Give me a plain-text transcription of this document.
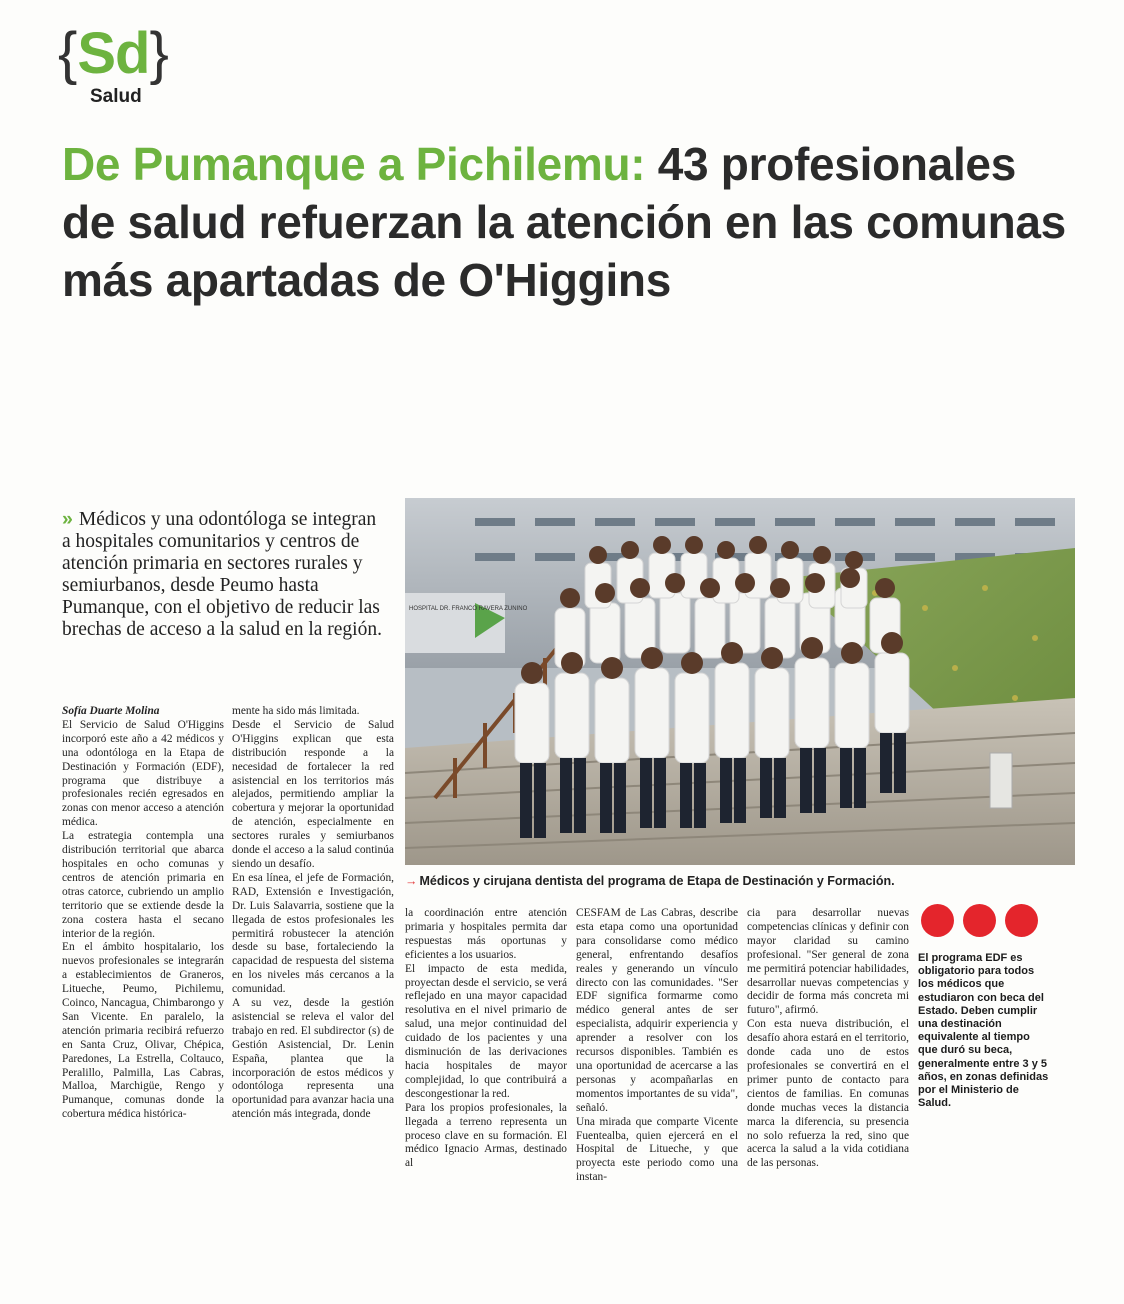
{Sd}
Salud
De Pumanque a Pichilemu: 43 profesionales de salud refuerzan la atención en las comunas más apartadas de O'Higgins

» Médicos y una odontóloga se integran a hospitales comunitarios y centros de atención primaria en sectores rurales y semiurbanos, desde Peumo hasta Pumanque, con el objetivo de reducir las brechas de acceso a la salud en la región.

HOSPITAL DR. FRANCO RAVERA ZUNINO

→ Médicos y cirujana dentista del programa de Etapa de Destinación y Formación.

Sofía Duarte Molina

El Servicio de Salud O'Higgins incorporó este año a 42 médicos y una odontóloga en la Etapa de Destinación y Formación (EDF), programa que distribuye a profesionales recién egresados en zonas con menor acceso a atención médica.

La estrategia contempla una distribución territorial que abarca hospitales en ocho comunas y centros de atención primaria en otras catorce, cubriendo un amplio territorio que se extiende desde la zona costera hasta el secano interior de la región.

En el ámbito hospitalario, los nuevos profesionales se integrarán a establecimientos de Graneros, Litueche, Peumo, Pichilemu, Coinco, Nancagua, Chimbarongo y San Vicente. En paralelo, la atención primaria recibirá refuerzo en Santa Cruz, Olivar, Chépica, Paredones, La Estrella, Coltauco, Peralillo, Palmilla, Las Cabras, Malloa, Marchigüe, Rengo y Pumanque, comunas donde la cobertura médica histórica-

mente ha sido más limitada.

Desde el Servicio de Salud O'Higgins explican que esta distribución responde a la necesidad de fortalecer la red asistencial en los territorios más alejados, permitiendo ampliar la cobertura y mejorar la oportunidad de atención, especialmente en sectores rurales y semiurbanos donde el acceso a la salud continúa siendo un desafío.

En esa línea, el jefe de Formación, RAD, Extensión e Investigación, Dr. Luis Salavarria, sostiene que la llegada de estos profesionales les permitirá robustecer la atención desde su base, fortaleciendo la capacidad de respuesta del sistema en los niveles más cercanos a la comunidad.

A su vez, desde la gestión asistencial se releva el valor del trabajo en red. El subdirector (s) de Gestión Asistencial, Dr. Lenin España, plantea que la incorporación de estos médicos y odontóloga representa una oportunidad para avanzar hacia una atención más integrada, donde

la coordinación entre atención primaria y hospitales permita dar respuestas más oportunas y eficientes a los usuarios.

El impacto de esta medida, proyectan desde el servicio, se verá reflejado en una mayor capacidad resolutiva en el nivel primario de salud, una mejor continuidad del cuidado de los pacientes y una disminución de las derivaciones hacia hospitales de mayor complejidad, lo que contribuirá a descongestionar la red.

Para los propios profesionales, la llegada a terreno representa un proceso clave en su formación. El médico Ignacio Armas, destinado al

CESFAM de Las Cabras, describe esta etapa como una oportunidad para consolidarse como médico general, enfrentando desafíos reales y generando un vínculo directo con las comunidades. "Ser EDF significa formarme como médico general antes de ser especialista, adquirir experiencia y aprender a resolver con los recursos disponibles. También es una oportunidad de acercarse a las personas y acompañarlas en momentos importantes de su vida", señaló.

Una mirada que comparte Vicente Fuentealba, quien ejercerá en el Hospital de Litueche, y que proyecta este periodo como una instan-

cia para desarrollar nuevas competencias clínicas y definir con mayor claridad su camino profesional. "Ser general de zona me permitirá potenciar habilidades, desarrollar nuevas competencias y decidir de forma más concreta mi futuro", afirmó.

Con esta nueva distribución, el desafío ahora estará en el territorio, donde cada uno de estos profesionales se convertirá en el primer punto de contacto para cientos de familias. En comunas donde muchas veces la distancia marca la diferencia, su presencia no solo refuerza la red, sino que acerca la salud a la vida cotidiana de las personas.

El programa EDF es obligatorio para todos los médicos que estudiaron con beca del Estado. Deben cumplir una destinación equivalente al tiempo que duró su beca, generalmente entre 3 y 5 años, en zonas definidas por el Ministerio de Salud.
